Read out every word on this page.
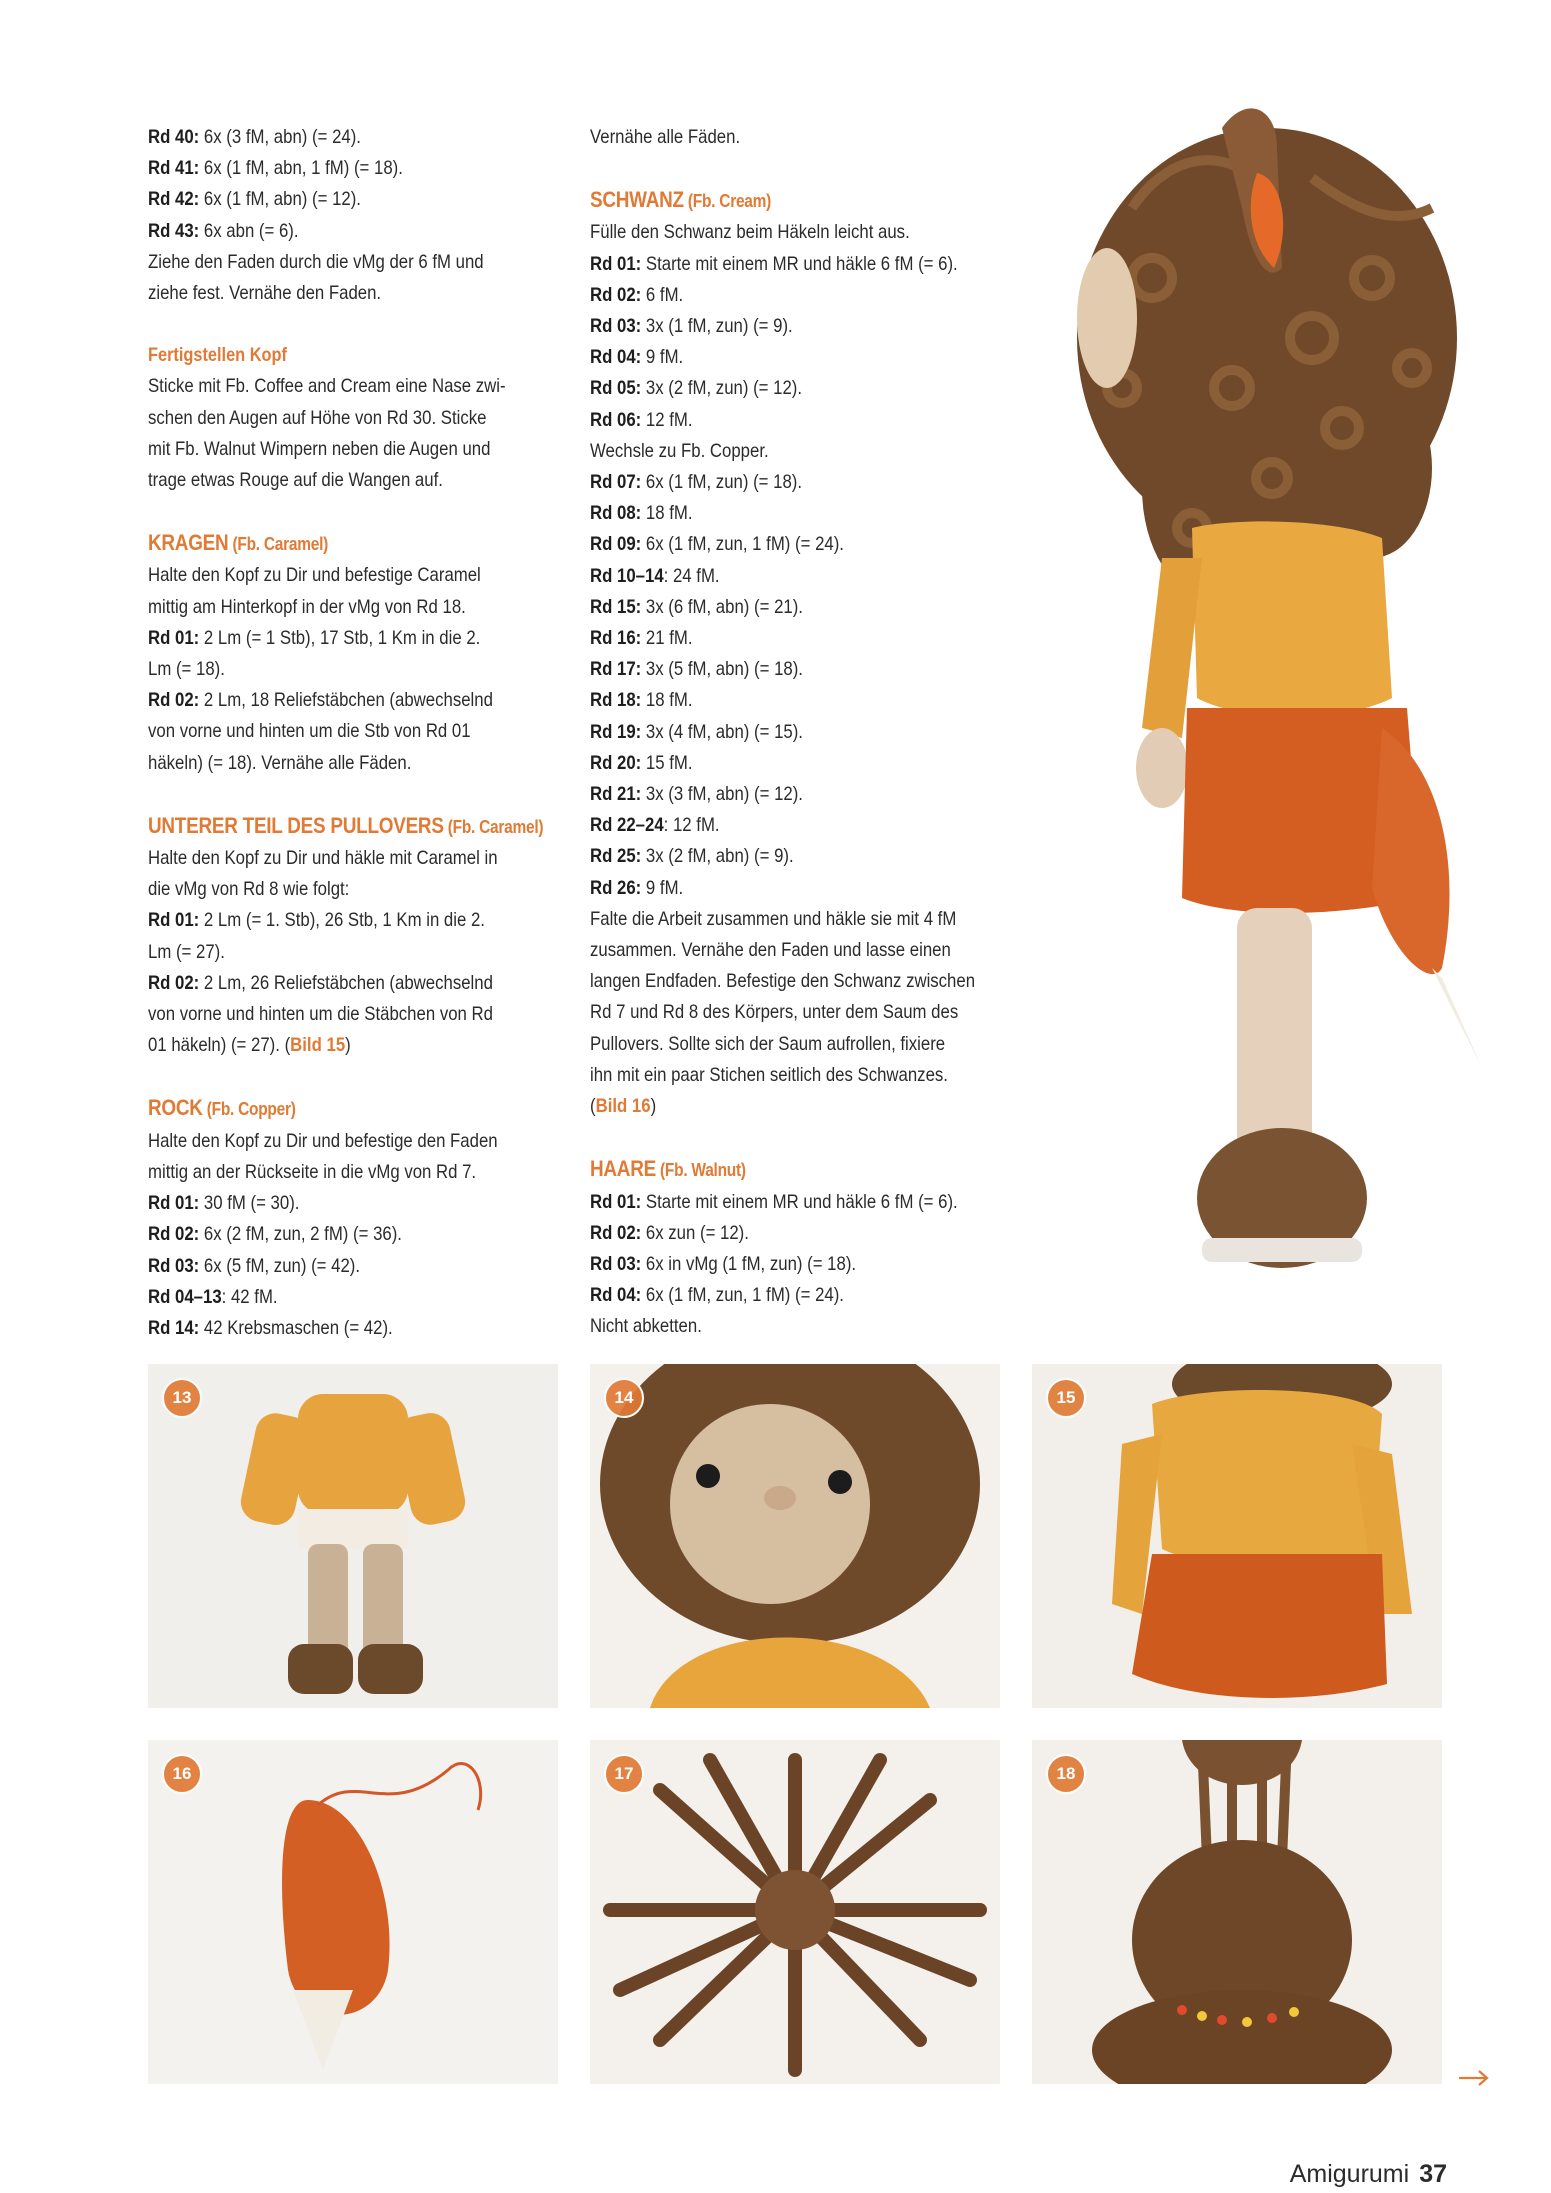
Rd 40: 6x (3 fM, abn) (= 24).

Rd 41: 6x (1 fM, abn, 1 fM) (= 18).

Rd 42: 6x (1 fM, abn) (= 12).

Rd 43: 6x abn (= 6).

Ziehe den Faden durch die vMg der 6 fM und

ziehe fest. Vernähe den Faden.

Fertigstellen Kopf

Sticke mit Fb. Coffee and Cream eine Nase zwi-

schen den Augen auf Höhe von Rd 30. Sticke

mit Fb. Walnut Wimpern neben die Augen und

trage etwas Rouge auf die Wangen auf.

KRAGEN (Fb. Caramel)

Halte den Kopf zu Dir und befestige Caramel

mittig am Hinterkopf in der vMg von Rd 18.

Rd 01: 2 Lm (= 1 Stb), 17 Stb, 1 Km in die 2.

Lm (= 18).

Rd 02: 2 Lm, 18 Reliefstäbchen (abwechselnd

von vorne und hinten um die Stb von Rd 01

häkeln) (= 18). Vernähe alle Fäden.

UNTERER TEIL DES PULLOVERS (Fb. Caramel)

Halte den Kopf zu Dir und häkle mit Caramel in

die vMg von Rd 8 wie folgt:

Rd 01: 2 Lm (= 1. Stb), 26 Stb, 1 Km in die 2.

Lm (= 27).

Rd 02: 2 Lm, 26 Reliefstäbchen (abwechselnd

von vorne und hinten um die Stäbchen von Rd

01 häkeln) (= 27). (Bild 15)

ROCK (Fb. Copper)

Halte den Kopf zu Dir und befestige den Faden

mittig an der Rückseite in die vMg von Rd 7.

Rd 01: 30 fM (= 30).

Rd 02: 6x (2 fM, zun, 2 fM) (= 36).

Rd 03: 6x (5 fM, zun) (= 42).

Rd 04–13: 42 fM.

Rd 14: 42 Krebsmaschen (= 42).

Vernähe alle Fäden.

SCHWANZ (Fb. Cream)

Fülle den Schwanz beim Häkeln leicht aus.

Rd 01: Starte mit einem MR und häkle 6 fM (= 6).

Rd 02: 6 fM.

Rd 03: 3x (1 fM, zun) (= 9).

Rd 04: 9 fM.

Rd 05: 3x (2 fM, zun) (= 12).

Rd 06: 12 fM.

Wechsle zu Fb. Copper.

Rd 07: 6x (1 fM, zun) (= 18).

Rd 08: 18 fM.

Rd 09: 6x (1 fM, zun, 1 fM) (= 24).

Rd 10–14: 24 fM.

Rd 15: 3x (6 fM, abn) (= 21).

Rd 16: 21 fM.

Rd 17: 3x (5 fM, abn) (= 18).

Rd 18: 18 fM.

Rd 19: 3x (4 fM, abn) (= 15).

Rd 20: 15 fM.

Rd 21: 3x (3 fM, abn) (= 12).

Rd 22–24: 12 fM.

Rd 25: 3x (2 fM, abn) (= 9).

Rd 26: 9 fM.

Falte die Arbeit zusammen und häkle sie mit 4 fM

zusammen. Vernähe den Faden und lasse einen

langen Endfaden. Befestige den Schwanz zwischen

Rd 7 und Rd 8 des Körpers, unter dem Saum des

Pullovers. Sollte sich der Saum aufrollen, fixiere

ihn mit ein paar Stichen seitlich des Schwanzes.

(Bild 16)

HAARE (Fb. Walnut)

Rd 01: Starte mit einem MR und häkle 6 fM (= 6).

Rd 02: 6x zun (= 12).

Rd 03: 6x in vMg (1 fM, zun) (= 18).

Rd 04: 6x (1 fM, zun, 1 fM) (= 24).

Nicht abketten.

13	14	15
16	17	18
Amigurumi 37
